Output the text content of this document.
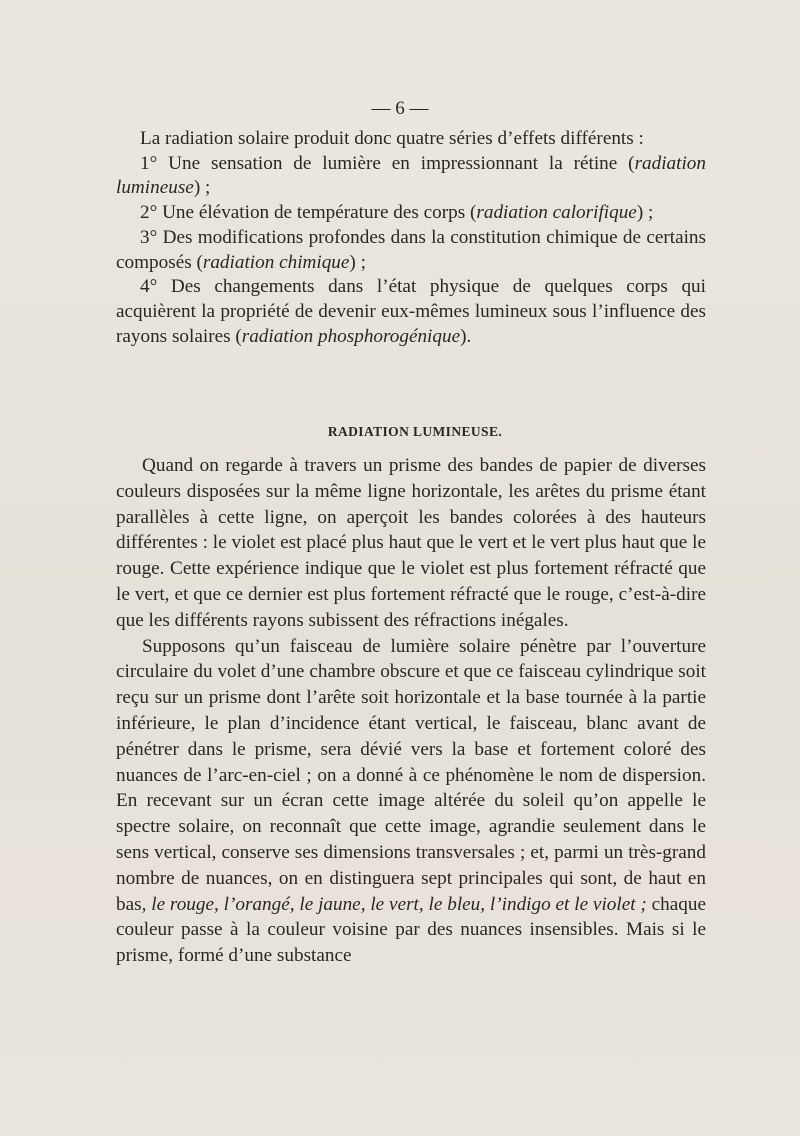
— 6 —

La radiation solaire produit donc quatre séries d’effets différents :

1° Une sensation de lumière en impressionnant la rétine (radiation lumineuse) ;

2° Une élévation de température des corps (radiation calorifique) ;

3° Des modifications profondes dans la constitution chimique de certains composés (radiation chimique) ;

4° Des changements dans l’état physique de quelques corps qui acquièrent la propriété de devenir eux-mêmes lumineux sous l’influence des rayons solaires (radiation phosphorogénique).

RADIATION LUMINEUSE.

Quand on regarde à travers un prisme des bandes de papier de diverses couleurs disposées sur la même ligne horizontale, les arêtes du prisme étant parallèles à cette ligne, on aperçoit les bandes colorées à des hauteurs différentes : le violet est placé plus haut que le vert et le vert plus haut que le rouge. Cette expérience indique que le violet est plus fortement réfracté que le vert, et que ce dernier est plus fortement réfracté que le rouge, c’est-à-dire que les différents rayons subissent des réfractions inégales.

Supposons qu’un faisceau de lumière solaire pénètre par l’ouverture circulaire du volet d’une chambre obscure et que ce faisceau cylindrique soit reçu sur un prisme dont l’arête soit horizontale et la base tournée à la partie inférieure, le plan d’incidence étant vertical, le faisceau, blanc avant de pénétrer dans le prisme, sera dévié vers la base et fortement coloré des nuances de l’arc-en-ciel ; on a donné à ce phénomène le nom de dispersion. En recevant sur un écran cette image altérée du soleil qu’on appelle le spectre solaire, on reconnaît que cette image, agrandie seulement dans le sens vertical, conserve ses dimensions transversales ; et, parmi un très-grand nombre de nuances, on en distinguera sept principales qui sont, de haut en bas, le rouge, l’orangé, le jaune, le vert, le bleu, l’indigo et le violet ; chaque couleur passe à la couleur voisine par des nuances insensibles. Mais si le prisme, formé d’une substance
